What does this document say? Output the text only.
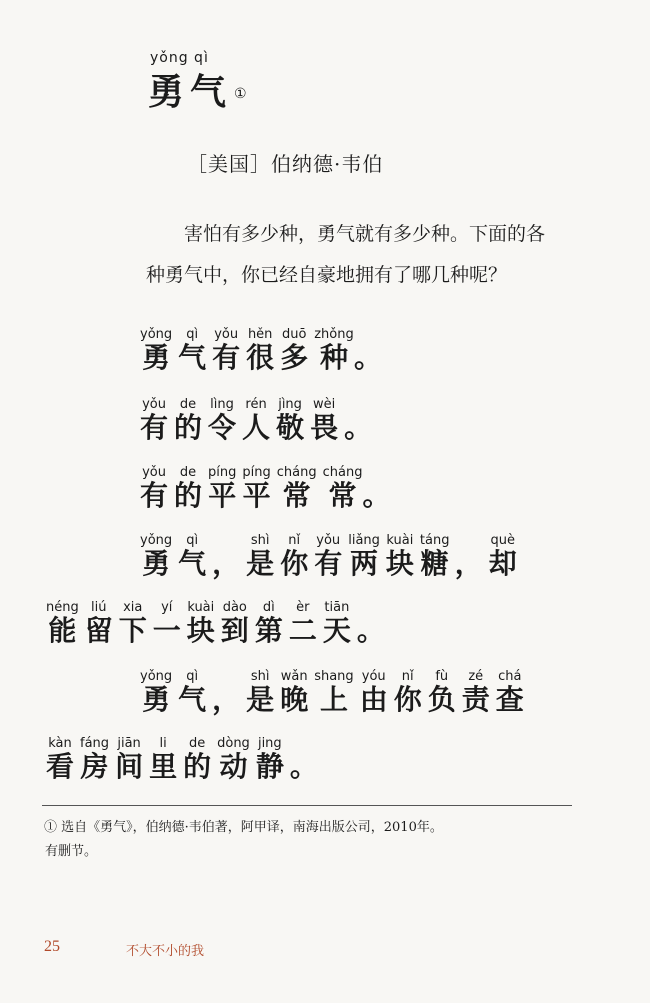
yǒng qì
勇气 ①
［美国］伯纳德·韦伯

害怕有多少种，勇气就有多少种。下面的各

种勇气中，你已经自豪地拥有了哪几种呢？

勇yǒng气qì有yǒu很hěn多duō种zhǒng。
有yǒu的de令lìng人rén敬jìng畏wèi。
有yǒu的de平píng平píng常cháng常cháng。
勇yǒng气qì， 是shì你nǐ有yǒu两liǎng块kuài糖táng， 却què
能néng留liú下xia一yí块kuài到dào第dì二èr天tiān。
勇yǒng气qì， 是shì晚wǎn上shang由yóu你nǐ负fù责zé查chá
看kàn房fáng间jiān里li的de动dòng静jing。

① 选自《勇气》，伯纳德·韦伯著，阿甲译，南海出版公司，2010年。

有删节。

25	不大不小的我
